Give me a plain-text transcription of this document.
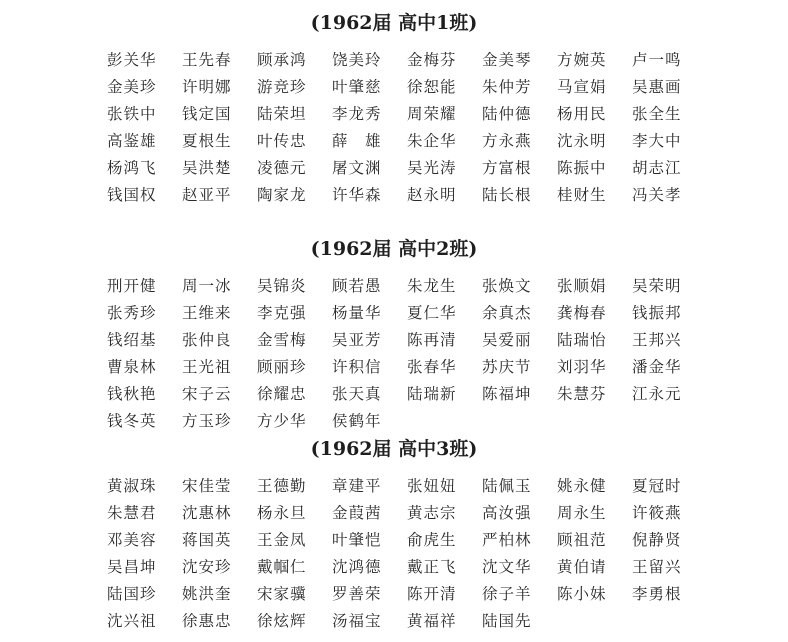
(1962届 高中1班)
彭关华	王先春	顾承鸿	饶美玲	金梅芬	金美琴	方婉英	卢一鸣
金美珍	许明娜	游竞珍	叶肇慈	徐恕能	朱仲芳	马宣娟	吴惠画
张铁中	钱定国	陆荣坦	李龙秀	周荣耀	陆仲德	杨用民	张全生
高鉴雄	夏根生	叶传忠	薛　雄	朱企华	方永燕	沈永明	李大中
杨鸿飞	吴洪楚	凌德元	屠文渊	吴光涛	方富根	陈振中	胡志江
钱国权	赵亚平	陶家龙	许华森	赵永明	陆长根	桂财生	冯关孝
(1962届 高中2班)
刑开健	周一冰	吴锦炎	顾若愚	朱龙生	张焕文	张顺娟	吴荣明
张秀珍	王维来	李克强	杨量华	夏仁华	余真杰	龚梅春	钱振邦
钱绍基	张仲良	金雪梅	吴亚芳	陈再清	吴爱丽	陆瑞怡	王邦兴
曹泉林	王光祖	顾丽珍	许积信	张春华	苏庆节	刘羽华	潘金华
钱秋艳	宋子云	徐耀忠	张天真	陆瑞新	陈福坤	朱慧芬	江永元
钱冬英	方玉珍	方少华	侯鹤年
(1962届 高中3班)
黄淑珠	宋佳莹	王德勤	章建平	张妞妞	陆佩玉	姚永健	夏冠时
朱慧君	沈惠林	杨永旦	金葭茜	黄志宗	高汝强	周永生	许筱燕
邓美容	蒋国英	王金凤	叶肇恺	俞虎生	严柏林	顾祖范	倪静贤
吴昌坤	沈安珍	戴帼仁	沈鸿德	戴正飞	沈文华	黄伯请	王留兴
陆国珍	姚洪奎	宋家骥	罗善荣	陈开清	徐子羊	陈小妹	李勇根
沈兴祖	徐惠忠	徐炫辉	汤福宝	黄福祥	陆国先
